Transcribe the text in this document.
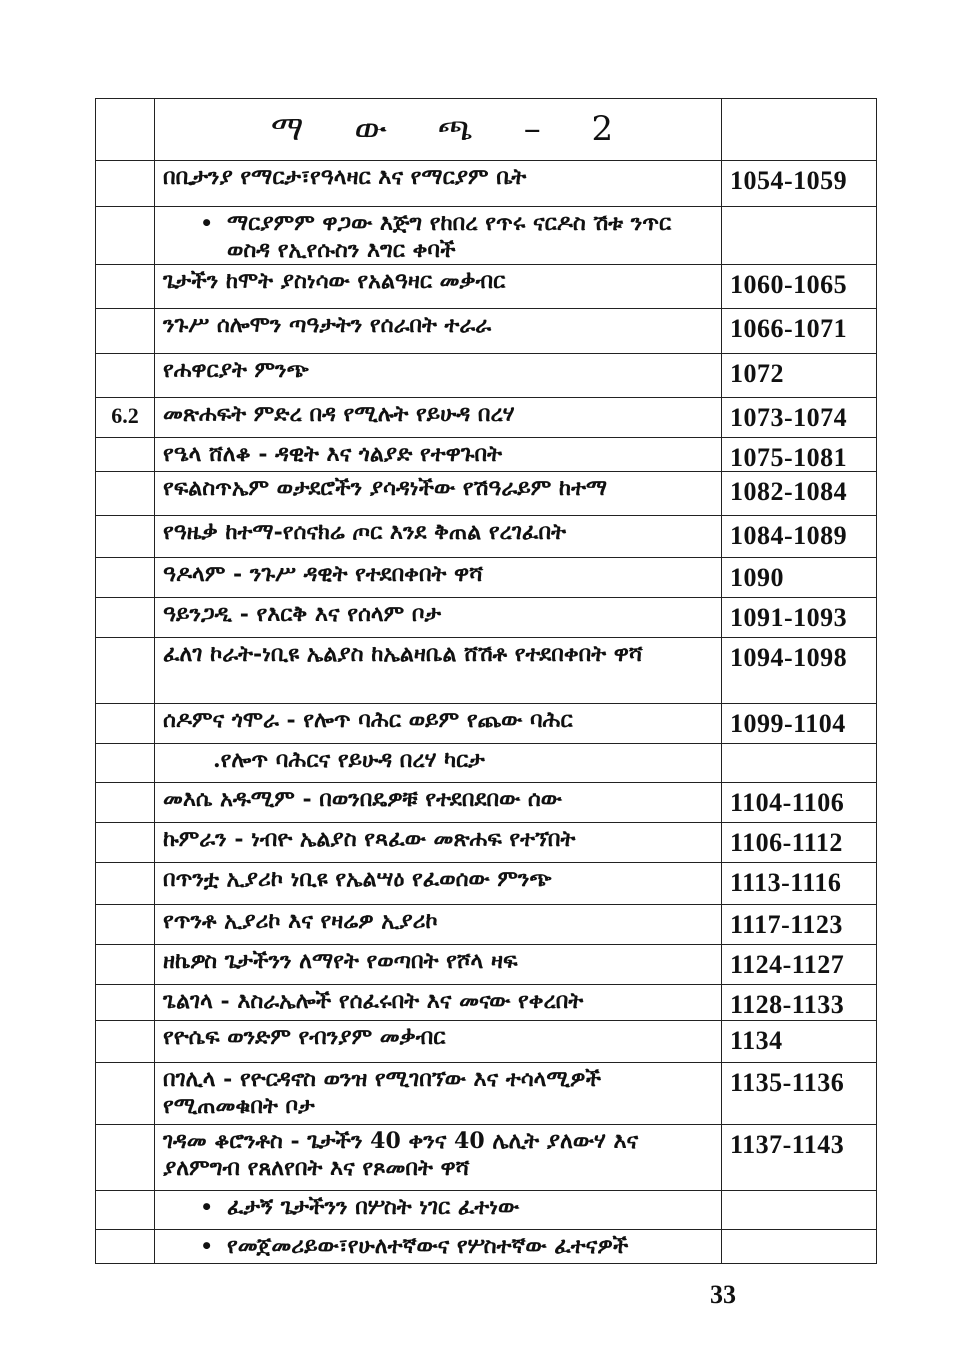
	ማ ው ጫ – 2	

	በቢታንያ የማርታ፣የዓላዛር እና የማርያም ቤት	1054-1059

	• ማርያምም ዋጋው እጅግ የከበረ የጥሩ ናርዶስ ሽቱ ንጥር ወስዳ የኢየሱስን እግር ቀባች	

	ጌታችን ከሞት ያስነሳው የአልዓዛር መቃብር	1060-1065

	ንጉሥ ሰሎሞን ጣዓታትን የሰራበት ተራራ	1066-1071

	የሐዋርያት ምንጭ	1072
6.2	መጽሐፍት ምድረ በዳ የሚሉት የይሁዳ በረሃ	1073-1074

	የዔላ ሸለቆ - ዳዊት እና ጎልያድ የተዋጉበት	1075-1081

	የፍልስጥኤም ወታደሮችን ያሳዳነችው የሽዓራይም ከተማ	1082-1084

	የዓዜቃ ከተማ-የሰናክሬ ጦር እንደ ቅጠል የረገፈበት	1084-1089

	ዓዶላም - ንጉሥ ዳዊት የተደበቀበት ዋሻ	1090

	ዓይንጋዲ - የእርቅ እና የሰላም ቦታ	1091-1093

	ፈለገ ኮራት-ነቢዩ ኤልያስ ከኤልዛቤል ሸሽቶ የተደበቀበት ዋሻ	1094-1098

	ሰዶምና ጎሞራ - የሎጥ ባሕር ወይም የጨው ባሕር	1099-1104

	.የሎጥ ባሕርና የይሁዳ በረሃ ካርታ	

	መእሴ አዱሚም - በወንበዴዎቹ የተደበደበው ሰው	1104-1106

	ኩምራን - ነብዮ ኤልያስ የጻፈው መጽሐፍ የተኘበት	1106-1112

	በጥንቷ ኢያሪኮ ነቢዩ የኤልሣዕ የፈወሰው ምንጭ	1113-1116

	የጥንቶ ኢያሪኮ እና የዛሬዎ ኢያሪኮ	1117-1123

	ዘኬዎስ ጌታችንን ለማየት የወጣበት የሾላ ዛፍ	1124-1127

	ጌልገላ - እስራኤሎች የሰፈሩበት እና መናው የቀረበት	1128-1133

	የዮሴፍ ወንድም የብንያም መቃብር	1134

	በገሊላ - የዮርዳኖስ ወንዝ የሚገበኘው እና ተሳላሚዎች የሚጠመቁበት ቦታ	1135-1136

	ገዳመ ቆሮንቶስ - ጌታችን 40 ቀንና 40 ሌሊት ያለውሃ እና ያለምግብ የጸለየበት እና የጾመበት ዋሻ	1137-1143

	• ፈታኝ ጌታችንን በሦስት ነገር ፈተነው	

	• የመጀመሪይው፣የሁለተኛውና የሦስተኛው ፈተናዎች	

33
